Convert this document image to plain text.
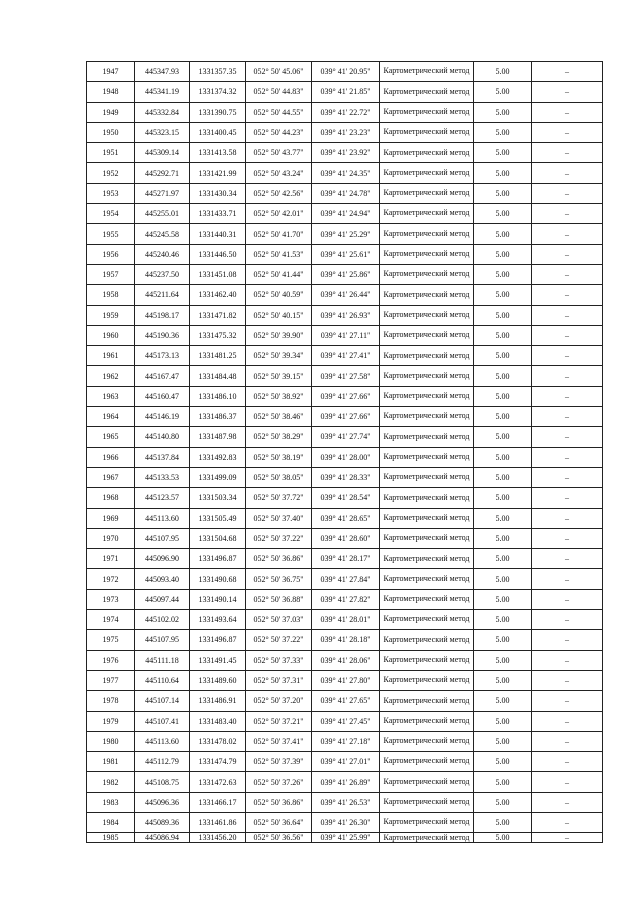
1947	445347.93	1331357.35	052° 50' 45.06"	039° 41' 20.95"	Картометрический метод	5.00	–
1948	445341.19	1331374.32	052° 50' 44.83"	039° 41' 21.85"	Картометрический метод	5.00	–
1949	445332.84	1331390.75	052° 50' 44.55"	039° 41' 22.72"	Картометрический метод	5.00	–
1950	445323.15	1331400.45	052° 50' 44.23"	039° 41' 23.23"	Картометрический метод	5.00	–
1951	445309.14	1331413.58	052° 50' 43.77"	039° 41' 23.92"	Картометрический метод	5.00	–
1952	445292.71	1331421.99	052° 50' 43.24"	039° 41' 24.35"	Картометрический метод	5.00	–
1953	445271.97	1331430.34	052° 50' 42.56"	039° 41' 24.78"	Картометрический метод	5.00	–
1954	445255.01	1331433.71	052° 50' 42.01"	039° 41' 24.94"	Картометрический метод	5.00	–
1955	445245.58	1331440.31	052° 50' 41.70"	039° 41' 25.29"	Картометрический метод	5.00	–
1956	445240.46	1331446.50	052° 50' 41.53"	039° 41' 25.61"	Картометрический метод	5.00	–
1957	445237.50	1331451.08	052° 50' 41.44"	039° 41' 25.86"	Картометрический метод	5.00	–
1958	445211.64	1331462.40	052° 50' 40.59"	039° 41' 26.44"	Картометрический метод	5.00	–
1959	445198.17	1331471.82	052° 50' 40.15"	039° 41' 26.93"	Картометрический метод	5.00	–
1960	445190.36	1331475.32	052° 50' 39.90"	039° 41' 27.11"	Картометрический метод	5.00	–
1961	445173.13	1331481.25	052° 50' 39.34"	039° 41' 27.41"	Картометрический метод	5.00	–
1962	445167.47	1331484.48	052° 50' 39.15"	039° 41' 27.58"	Картометрический метод	5.00	–
1963	445160.47	1331486.10	052° 50' 38.92"	039° 41' 27.66"	Картометрический метод	5.00	–
1964	445146.19	1331486.37	052° 50' 38.46"	039° 41' 27.66"	Картометрический метод	5.00	–
1965	445140.80	1331487.98	052° 50' 38.29"	039° 41' 27.74"	Картометрический метод	5.00	–
1966	445137.84	1331492.83	052° 50' 38.19"	039° 41' 28.00"	Картометрический метод	5.00	–
1967	445133.53	1331499.09	052° 50' 38.05"	039° 41' 28.33"	Картометрический метод	5.00	–
1968	445123.57	1331503.34	052° 50' 37.72"	039° 41' 28.54"	Картометрический метод	5.00	–
1969	445113.60	1331505.49	052° 50' 37.40"	039° 41' 28.65"	Картометрический метод	5.00	–
1970	445107.95	1331504.68	052° 50' 37.22"	039° 41' 28.60"	Картометрический метод	5.00	–
1971	445096.90	1331496.87	052° 50' 36.86"	039° 41' 28.17"	Картометрический метод	5.00	–
1972	445093.40	1331490.68	052° 50' 36.75"	039° 41' 27.84"	Картометрический метод	5.00	–
1973	445097.44	1331490.14	052° 50' 36.88"	039° 41' 27.82"	Картометрический метод	5.00	–
1974	445102.02	1331493.64	052° 50' 37.03"	039° 41' 28.01"	Картометрический метод	5.00	–
1975	445107.95	1331496.87	052° 50' 37.22"	039° 41' 28.18"	Картометрический метод	5.00	–
1976	445111.18	1331491.45	052° 50' 37.33"	039° 41' 28.06"	Картометрический метод	5.00	–
1977	445110.64	1331489.60	052° 50' 37.31"	039° 41' 27.80"	Картометрический метод	5.00	–
1978	445107.14	1331486.91	052° 50' 37.20"	039° 41' 27.65"	Картометрический метод	5.00	–
1979	445107.41	1331483.40	052° 50' 37.21"	039° 41' 27.45"	Картометрический метод	5.00	–
1980	445113.60	1331478.02	052° 50' 37.41"	039° 41' 27.18"	Картометрический метод	5.00	–
1981	445112.79	1331474.79	052° 50' 37.39"	039° 41' 27.01"	Картометрический метод	5.00	–
1982	445108.75	1331472.63	052° 50' 37.26"	039° 41' 26.89"	Картометрический метод	5.00	–
1983	445096.36	1331466.17	052° 50' 36.86"	039° 41' 26.53"	Картометрический метод	5.00	–
1984	445089.36	1331461.86	052° 50' 36.64"	039° 41' 26.30"	Картометрический метод	5.00	–
1985	445086.94	1331456.20	052° 50' 36.56"	039° 41' 25.99"	Картометрический метод	5.00	–
